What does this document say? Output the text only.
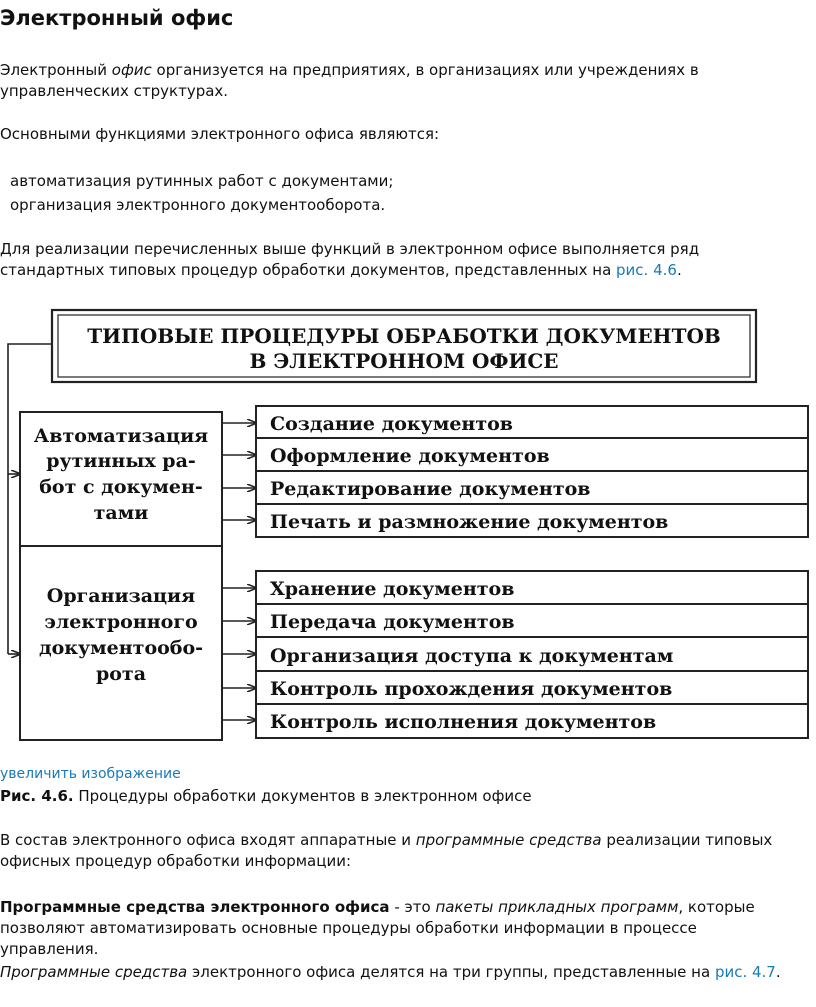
Электронный офис

Электронный офис организуется на предприятиях, в организациях или учреждениях в управленческих структурах.

Основными функциями электронного офиса являются:

автоматизация рутинных работ с документами;

организация электронного документооборота.

Для реализации перечисленных выше функций в электронном офисе выполняется ряд стандартных типовых процедур обработки документов, представленных на рис. 4.6.

ТИПОВЫЕ ПРОЦЕДУРЫ ОБРАБОТКИ ДОКУМЕНТОВ
В ЭЛЕКТРОННОМ ОФИСЕ
Автоматизация
рутинных ра-
бот с докумен-
тами
Организация
электронного
документообо-
рота
Создание документов
Оформление документов
Редактирование документов
Печать и размножение документов
Хранение документов
Передача документов
Организация доступа к документам
Контроль прохождения документов
Контроль исполнения документов
увеличить изображение

Рис. 4.6. Процедуры обработки документов в электронном офисе

В состав электронного офиса входят аппаратные и программные средства реализации типовых офисных процедур обработки информации:

Программные средства электронного офиса - это пакеты прикладных программ, которые позволяют автоматизировать основные процедуры обработки информации в процессе управления.

Программные средства электронного офиса делятся на три группы, представленные на рис. 4.7.
